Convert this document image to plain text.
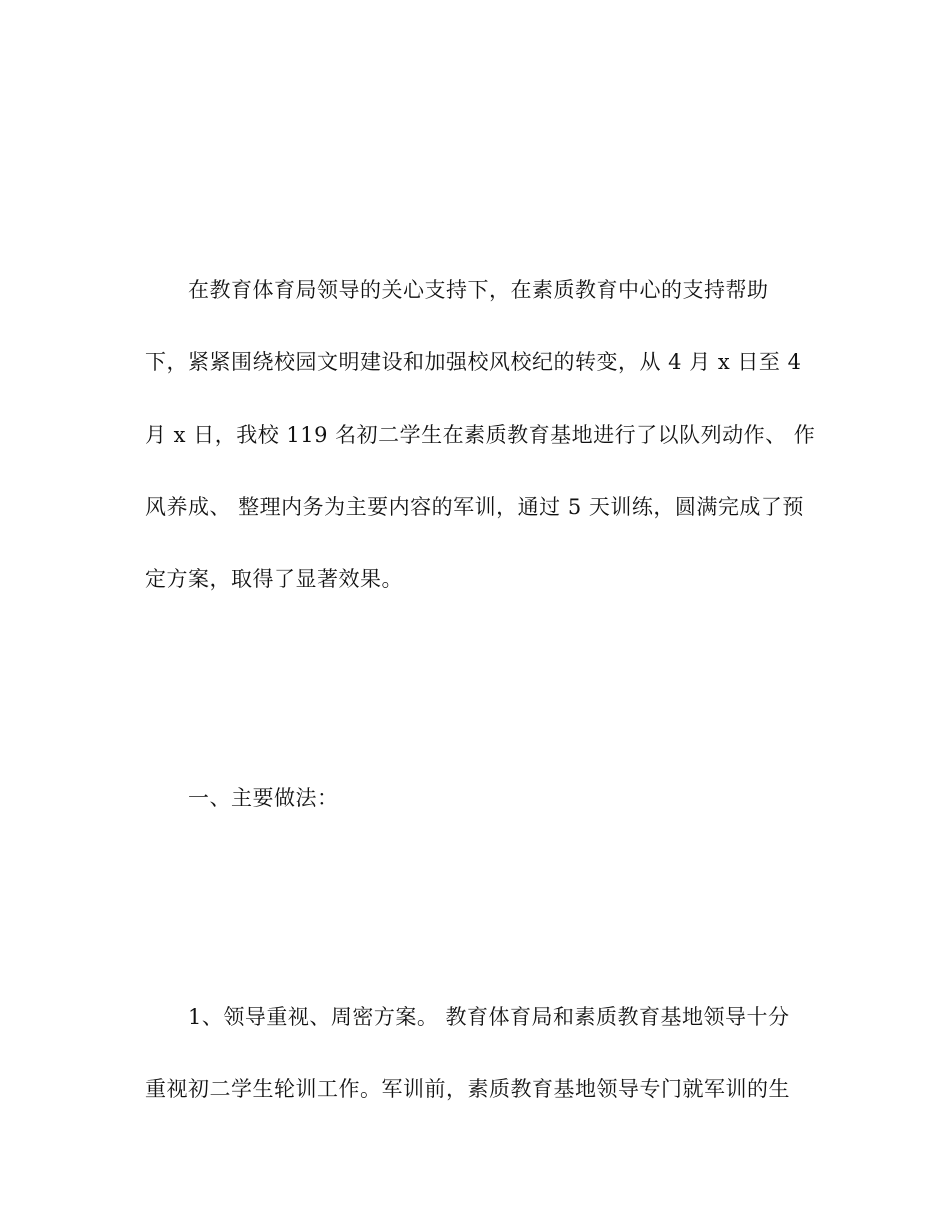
在教育体育局领导的关心支持下，在素质教育中心的支持帮助
下，紧紧围绕校园文明建设和加强校风校纪的转变，从 4 月 x 日至 4
月 x 日，我校 119 名初二学生在素质教育基地进行了以队列动作、 作
风养成、 整理内务为主要内容的军训，通过 5 天训练，圆满完成了预
定方案，取得了显著效果。
一、主要做法：
1、领导重视、周密方案。 教育体育局和素质教育基地领导十分
重视初二学生轮训工作。军训前，素质教育基地领导专门就军训的生
